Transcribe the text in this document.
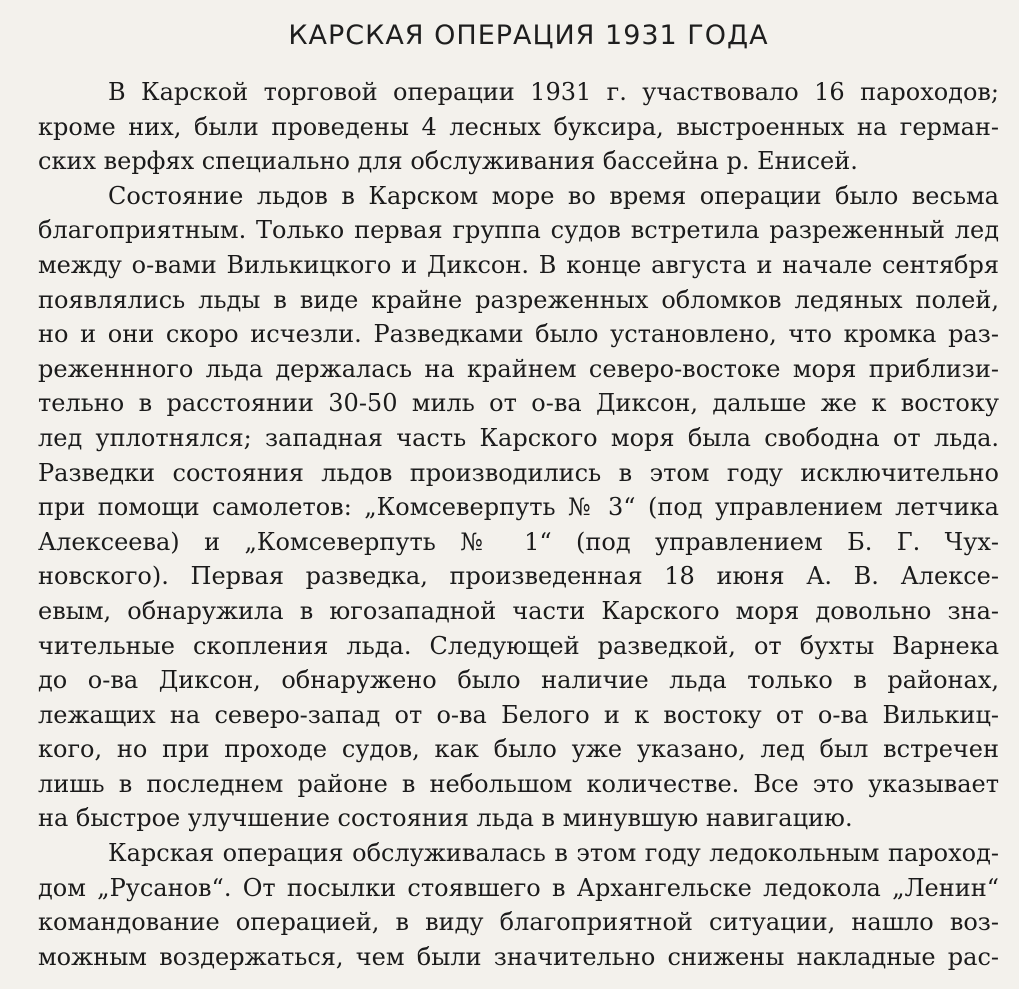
КАРСКАЯ ОПЕРАЦИЯ 1931 ГОДА

В Карской торговой операции 1931 г. участвовало 16 пароходов;
кроме них, были проведены 4 лесных буксира, выстроенных на герман-
ских верфях специально для обслуживания бассейна р. Енисей.

Состояние льдов в Карском море во время операции было весьма
благоприятным. Только первая группа судов встретила разреженный лед
между о-вами Вилькицкого и Диксон. В конце августа и начале сентября
появлялись льды в виде крайне разреженных обломков ледяных полей,
но и они скоро исчезли. Разведками было установлено, что кромка раз-
реженнного льда держалась на крайнем северо-востоке моря приблизи-
тельно в расстоянии 30-50 миль от о-ва Диксон, дальше же к востоку
лед уплотнялся; западная часть Карского моря была свободна от льда.
Разведки состояния льдов производились в этом году исключительно
при помощи самолетов: „Комсеверпуть № 3“ (под управлением летчика
Алексеева) и „Комсеверпуть № 1“ (под управлением Б. Г. Чух-
новского). Первая разведка, произведенная 18 июня А. В. Алексе-
евым, обнаружила в югозападной части Карского моря довольно зна-
чительные скопления льда. Следующей разведкой, от бухты Варнека
до о-ва Диксон, обнаружено было наличие льда только в районах,
лежащих на северо-запад от о-ва Белого и к востоку от о-ва Вилькиц-
кого, но при проходе судов, как было уже указано, лед был встречен
лишь в последнем районе в небольшом количестве. Все это указывает
на быстрое улучшение состояния льда в минувшую навигацию.

Карская операция обслуживалась в этом году ледокольным пароход-
дом „Русанов“. От посылки стоявшего в Архангельске ледокола „Ленин“
командование операцией, в виду благоприятной ситуации, нашло воз-
можным воздержаться, чем были значительно снижены накладные рас-
